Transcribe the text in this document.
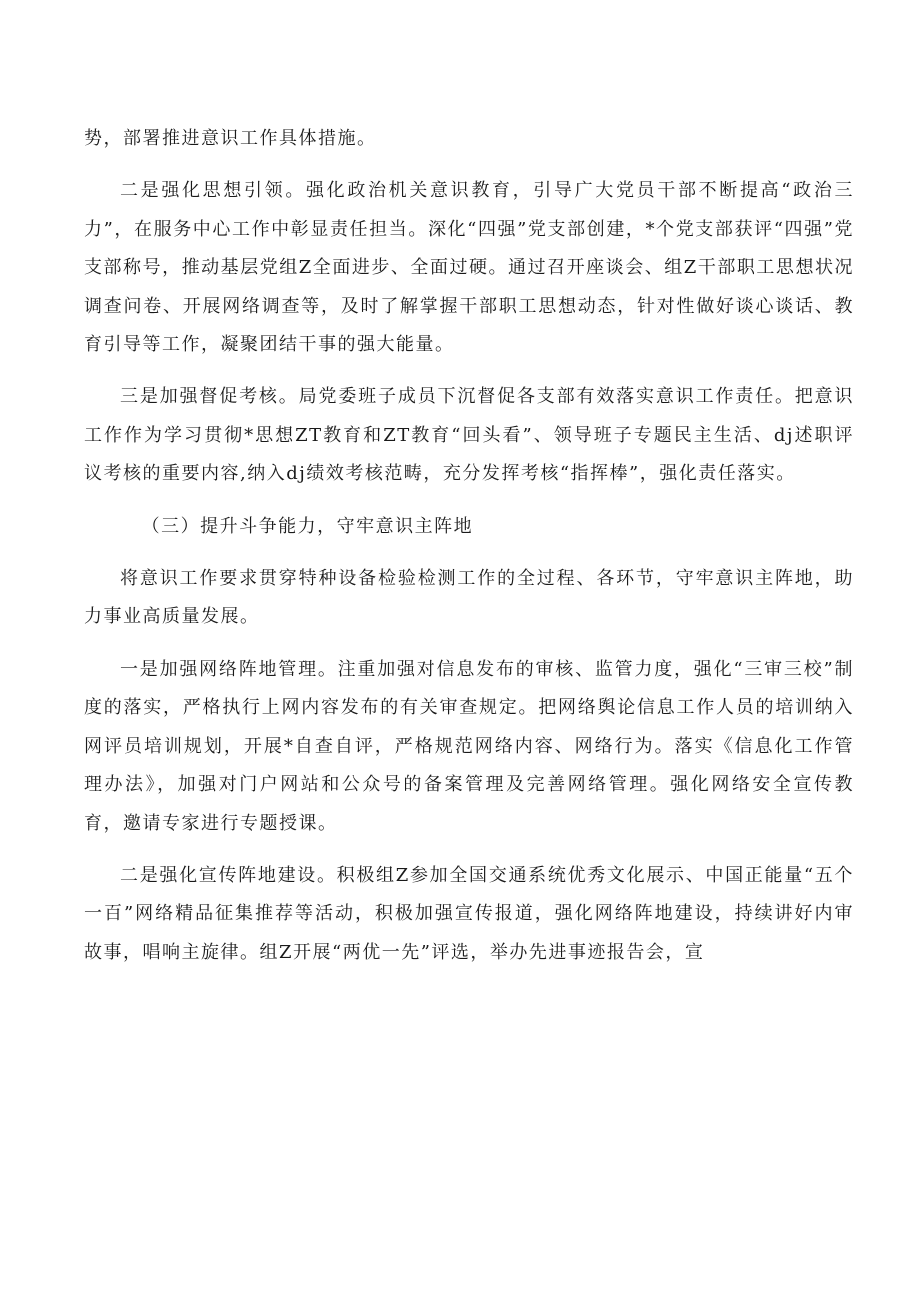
势，部署推进意识工作具体措施。

二是强化思想引领。强化政治机关意识教育，引导广大党员干部不断提高“政治三力”，在服务中心工作中彰显责任担当。深化“四强”党支部创建，*个党支部获评“四强”党支部称号，推动基层党组Z全面进步、全面过硬。通过召开座谈会、组Z干部职工思想状况调查问卷、开展网络调查等，及时了解掌握干部职工思想动态，针对性做好谈心谈话、教育引导等工作，凝聚团结干事的强大能量。

三是加强督促考核。局党委班子成员下沉督促各支部有效落实意识工作责任。把意识工作作为学习贯彻*思想ZT教育和ZT教育“回头看”、领导班子专题民主生活、dj述职评议考核的重要内容,纳入dj绩效考核范畴，充分发挥考核“指挥棒”，强化责任落实。

（三）提升斗争能力，守牢意识主阵地

将意识工作要求贯穿特种设备检验检测工作的全过程、各环节，守牢意识主阵地，助力事业高质量发展。

一是加强网络阵地管理。注重加强对信息发布的审核、监管力度，强化“三审三校”制度的落实，严格执行上网内容发布的有关审查规定。把网络舆论信息工作人员的培训纳入网评员培训规划，开展*自查自评，严格规范网络内容、网络行为。落实《信息化工作管理办法》，加强对门户网站和公众号的备案管理及完善网络管理。强化网络安全宣传教育，邀请专家进行专题授课。

二是强化宣传阵地建设。积极组Z参加全国交通系统优秀文化展示、中国正能量“五个一百”网络精品征集推荐等活动，积极加强宣传报道，强化网络阵地建设，持续讲好内审故事，唱响主旋律。组Z开展“两优一先”评选，举办先进事迹报告会，宣
